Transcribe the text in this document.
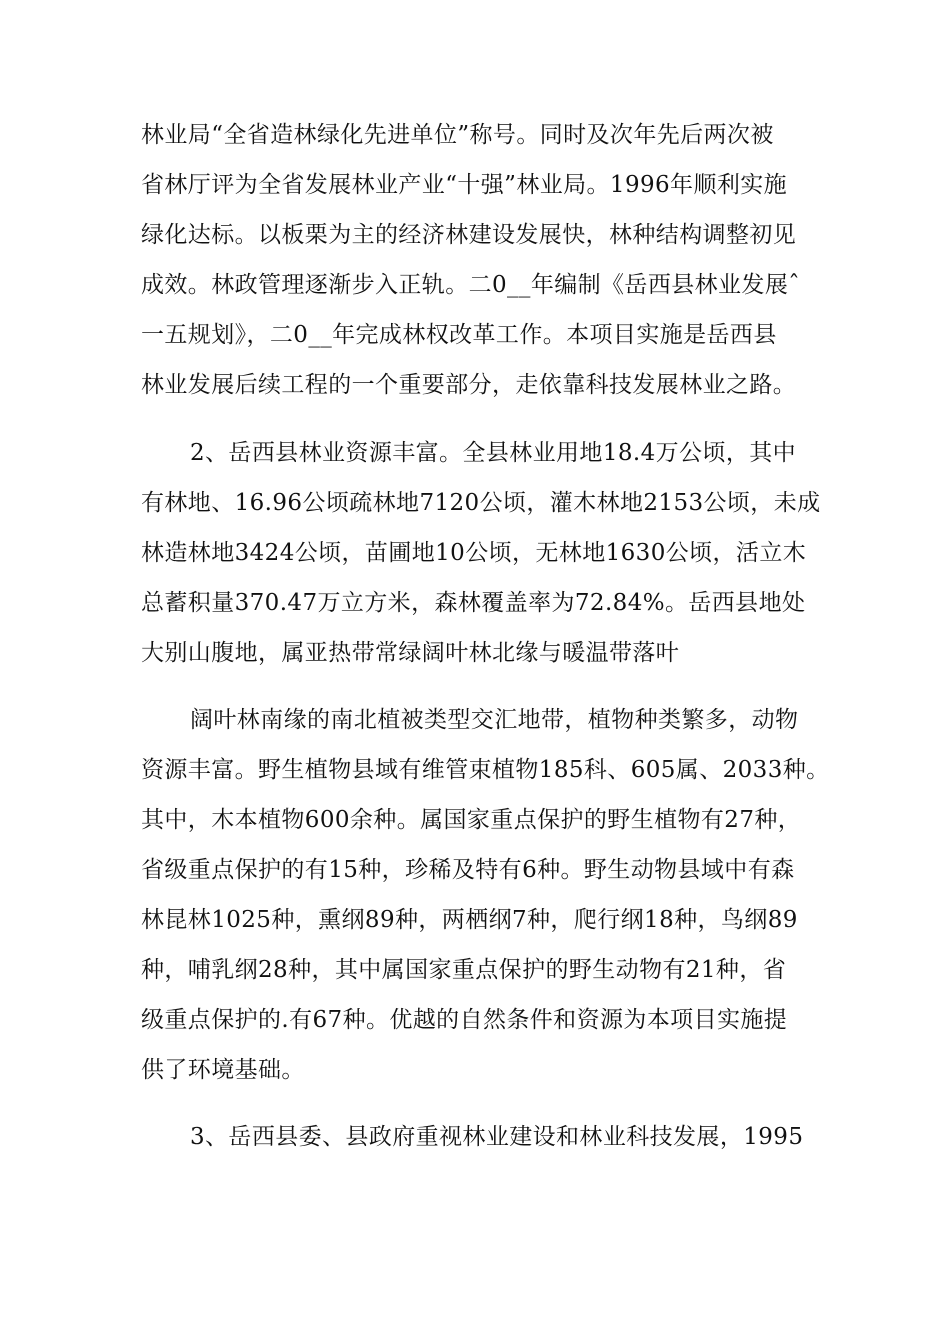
林业局“全省造林绿化先进单位”称号。同时及次年先后两次被
省林厅评为全省发展林业产业“十强”林业局。1996年顺利实施
绿化达标。以板栗为主的经济林建设发展快，林种结构调整初见
成效。林政管理逐渐步入正轨。二0__年编制《岳西县林业发展ˆ
一五规划》，二0__年完成林权改革工作。本项目实施是岳西县
林业发展后续工程的一个重要部分，走依靠科技发展林业之路。
2、岳西县林业资源丰富。全县林业用地18.4万公顷，其中
有林地、16.96公顷疏林地7120公顷，灌木林地2153公顷，未成
林造林地3424公顷，苗圃地10公顷，无林地1630公顷，活立木
总蓄积量370.47万立方米，森林覆盖率为72.84%。岳西县地处
大别山腹地，属亚热带常绿阔叶林北缘与暖温带落叶
阔叶林南缘的南北植被类型交汇地带，植物种类繁多，动物
资源丰富。野生植物县域有维管束植物185科、605属、2033种。
其中，木本植物600余种。属国家重点保护的野生植物有27种，
省级重点保护的有15种，珍稀及特有6种。野生动物县域中有森
林昆林1025种，熏纲89种，两栖纲7种，爬行纲18种，鸟纲89
种，哺乳纲28种，其中属国家重点保护的野生动物有21种，省
级重点保护的.有67种。优越的自然条件和资源为本项目实施提
供了环境基础。
3、岳西县委、县政府重视林业建设和林业科技发展，1995
